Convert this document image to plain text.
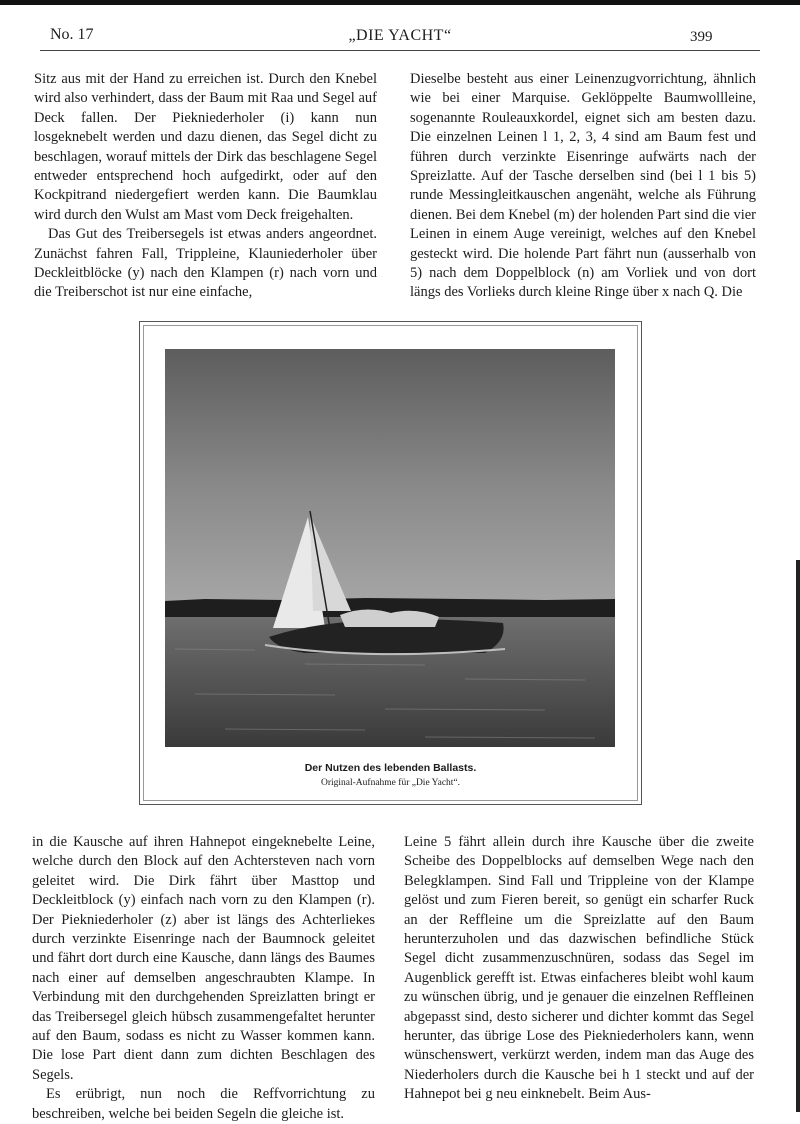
No. 17	„DIE YACHT“	399

Sitz aus mit der Hand zu erreichen ist. Durch den Knebel wird also verhindert, dass der Baum mit Raa und Segel auf Deck fallen. Der Piekniederholer (i) kann nun losgeknebelt werden und dazu dienen, das Segel dicht zu beschlagen, worauf mittels der Dirk das beschlagene Segel entweder entsprechend hoch aufgedirkt, oder auf den Kockpitrand niedergefiert werden kann. Die Baumklau wird durch den Wulst am Mast vom Deck freigehalten.

Das Gut des Treibersegels ist etwas anders angeordnet. Zunächst fahren Fall, Trippleine, Klauniederholer über Deckleitblöcke (y) nach den Klampen (r) nach vorn und die Treiberschot ist nur eine einfache,

Dieselbe besteht aus einer Leinenzugvorrichtung, ähnlich wie bei einer Marquise. Geklöppelte Baumwollleine, sogenannte Rouleauxkordel, eignet sich am besten dazu. Die einzelnen Leinen l 1, 2, 3, 4 sind am Baum fest und führen durch verzinkte Eisenringe aufwärts nach der Spreizlatte. Auf der Tasche derselben sind (bei l 1 bis 5) runde Messingleitkauschen angenäht, welche als Führung dienen. Bei dem Knebel (m) der holenden Part sind die vier Leinen in einem Auge vereinigt, welches auf den Knebel gesteckt wird. Die holende Part fährt nun (ausserhalb von 5) nach dem Doppelblock (n) am Vorliek und von dort längs des Vorlieks durch kleine Ringe über x nach Q. Die

Der Nutzen des lebenden Ballasts.
Original-Aufnahme für „Die Yacht“.

in die Kausche auf ihren Hahnepot eingeknebelte Leine, welche durch den Block auf den Achtersteven nach vorn geleitet wird. Die Dirk fährt über Masttop und Deckleitblock (y) einfach nach vorn zu den Klampen (r). Der Piekniederholer (z) aber ist längs des Achterliekes durch verzinkte Eisenringe nach der Baumnock geleitet und fährt dort durch eine Kausche, dann längs des Baumes nach einer auf demselben angeschraubten Klampe. In Verbindung mit den durchgehenden Spreizlatten bringt er das Treibersegel gleich hübsch zusammengefaltet herunter auf den Baum, sodass es nicht zu Wasser kommen kann. Die lose Part dient dann zum dichten Beschlagen des Segels.

Es erübrigt, nun noch die Reffvorrichtung zu beschreiben, welche bei beiden Segeln die gleiche ist.

Leine 5 fährt allein durch ihre Kausche über die zweite Scheibe des Doppelblocks auf demselben Wege nach den Belegklampen. Sind Fall und Trippleine von der Klampe gelöst und zum Fieren bereit, so genügt ein scharfer Ruck an der Reffleine um die Spreizlatte auf den Baum herunterzuholen und das dazwischen befindliche Stück Segel dicht zusammenzuschnüren, sodass das Segel im Augenblick gerefft ist. Etwas einfacheres bleibt wohl kaum zu wünschen übrig, und je genauer die einzelnen Reffleinen abgepasst sind, desto sicherer und dichter kommt das Segel herunter, das übrige Lose des Piekniederholers kann, wenn wünschenswert, verkürzt werden, indem man das Auge des Niederholers durch die Kausche bei h 1 steckt und auf der Hahnepot bei g neu einknebelt. Beim Aus-
